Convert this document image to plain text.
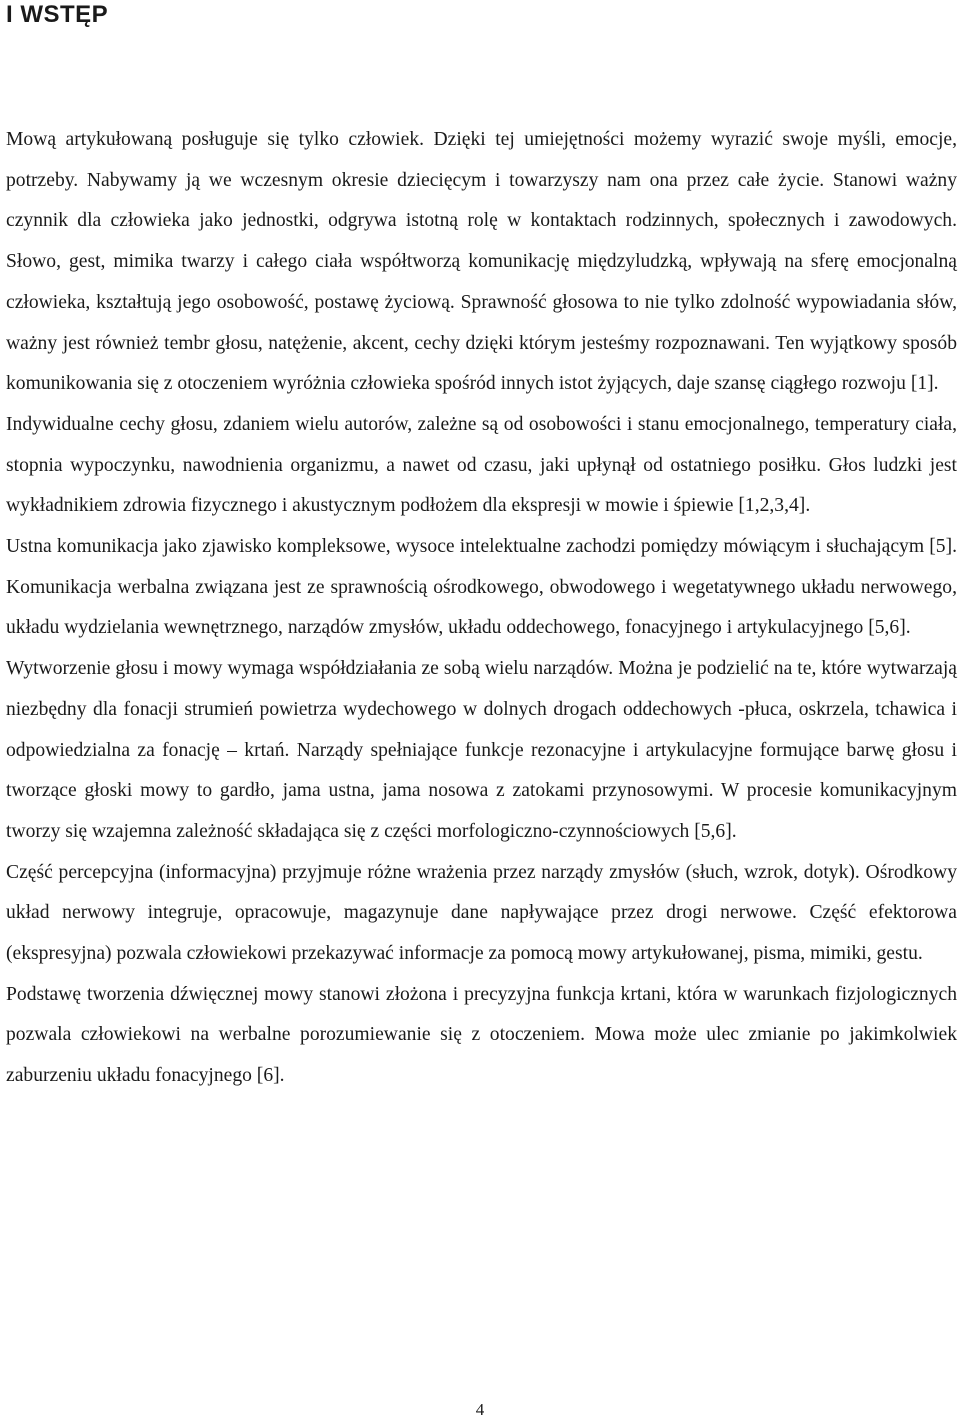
I WSTĘP

Mową artykułowaną posługuje się tylko człowiek. Dzięki tej umiejętności możemy wyrazić swoje myśli, emocje, potrzeby. Nabywamy ją we wczesnym okresie dziecięcym i towarzyszy nam ona przez całe życie. Stanowi ważny czynnik dla człowieka jako jednostki, odgrywa istotną rolę w kontaktach rodzinnych, społecznych i zawodowych. Słowo, gest, mimika twarzy i całego ciała współtworzą komunikację międzyludzką, wpływają na sferę emocjonalną człowieka, kształtują jego osobowość, postawę życiową. Sprawność głosowa to nie tylko zdolność wypowiadania słów, ważny jest również tembr głosu, natężenie, akcent, cechy dzięki którym jesteśmy rozpoznawani. Ten wyjątkowy sposób komunikowania się z otoczeniem wyróżnia człowieka spośród innych istot żyjących, daje szansę ciągłego rozwoju [1].

Indywidualne cechy głosu, zdaniem wielu autorów, zależne są od osobowości i stanu emocjonalnego, temperatury ciała, stopnia wypoczynku, nawodnienia organizmu, a nawet od czasu, jaki upłynął od ostatniego posiłku. Głos ludzki jest wykładnikiem zdrowia fizycznego i akustycznym podłożem dla ekspresji w mowie i śpiewie [1,2,3,4].

Ustna komunikacja jako zjawisko kompleksowe, wysoce intelektualne zachodzi pomiędzy mówiącym i słuchającym [5]. Komunikacja werbalna związana jest ze sprawnością ośrodkowego, obwodowego i wegetatywnego układu nerwowego, układu wydzielania wewnętrznego, narządów zmysłów, układu oddechowego, fonacyjnego i artykulacyjnego [5,6].

Wytworzenie głosu i mowy wymaga współdziałania ze sobą wielu narządów. Można je podzielić na te, które wytwarzają niezbędny dla fonacji strumień powietrza wydechowego w dolnych drogach oddechowych -płuca, oskrzela, tchawica i odpowiedzialna za fonację – krtań. Narządy spełniające funkcje rezonacyjne i artykulacyjne formujące barwę głosu i tworzące głoski mowy to gardło, jama ustna, jama nosowa z zatokami przynosowymi. W procesie komunikacyjnym tworzy się wzajemna zależność składająca się z części morfologiczno-czynnościowych [5,6].

Część percepcyjna (informacyjna) przyjmuje różne wrażenia przez narządy zmysłów (słuch, wzrok, dotyk). Ośrodkowy układ nerwowy integruje, opracowuje, magazynuje dane napływające przez drogi nerwowe. Część efektorowa (ekspresyjna) pozwala człowiekowi przekazywać informacje za pomocą mowy artykułowanej, pisma, mimiki, gestu.

Podstawę tworzenia dźwięcznej mowy stanowi złożona i precyzyjna funkcja krtani, która w warunkach fizjologicznych pozwala człowiekowi na werbalne porozumiewanie się z otoczeniem. Mowa może ulec zmianie po jakimkolwiek zaburzeniu układu fonacyjnego [6].

4
